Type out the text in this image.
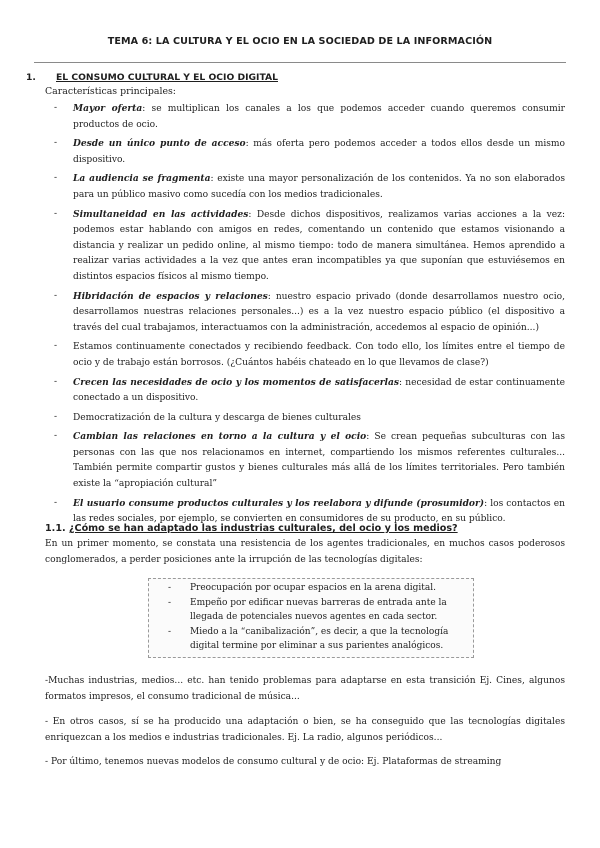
TEMA 6: LA CULTURA Y EL OCIO EN LA SOCIEDAD DE LA INFORMACIÓN
1. EL CONSUMO CULTURAL Y EL OCIO DIGITAL
Características principales:
- Mayor oferta: se multiplican los canales a los que podemos acceder cuando queremos consumir productos de ocio.
- Desde un único punto de acceso: más oferta pero podemos acceder a todos ellos desde un mismo dispositivo.
- La audiencia se fragmenta: existe una mayor personalización de los contenidos. Ya no son elaborados para un público masivo como sucedía con los medios tradicionales.
- Simultaneidad en las actividades: Desde dichos dispositivos, realizamos varias acciones a la vez: podemos estar hablando con amigos en redes, comentando un contenido que estamos visionando a distancia y realizar un pedido online, al mismo tiempo: todo de manera simultánea. Hemos aprendido a realizar varias actividades a la vez que antes eran incompatibles ya que suponían que estuviésemos en distintos espacios físicos al mismo tiempo.
- Hibridación de espacios y relaciones: nuestro espacio privado (donde desarrollamos nuestro ocio, desarrollamos nuestras relaciones personales...) es a la vez nuestro espacio público (el dispositivo a través del cual trabajamos, interactuamos con la administración, accedemos al espacio de opinión...)
- Estamos continuamente conectados y recibiendo feedback. Con todo ello, los límites entre el tiempo de ocio y de trabajo están borrosos. (¿Cuántos habéis chateado en lo que llevamos de clase?)
- Crecen las necesidades de ocio y los momentos de satisfacerlas: necesidad de estar continuamente conectado a un dispositivo.
- Democratización de la cultura y descarga de bienes culturales
- Cambian las relaciones en torno a la cultura y el ocio: Se crean pequeñas subculturas con las personas con las que nos relacionamos en internet, compartiendo los mismos referentes culturales... También permite compartir gustos y bienes culturales más allá de los límites territoriales. Pero también existe la “apropiación cultural”
- El usuario consume productos culturales y los reelabora y difunde (prosumidor): los contactos en las redes sociales, por ejemplo, se convierten en consumidores de su producto, en su público.
1.1. ¿Cómo se han adaptado las industrias culturales, del ocio y los medios?

En un primer momento, se constata una resistencia de los agentes tradicionales, en muchos casos poderosos conglomerados, a perder posiciones ante la irrupción de las tecnologías digitales:

- Preocupación por ocupar espacios en la arena digital.
- Empeño por edificar nuevas barreras de entrada ante la llegada de potenciales nuevos agentes en cada sector.
- Miedo a la “canibalización”, es decir, a que la tecnología digital termine por eliminar a sus parientes analógicos.

-Muchas industrias, medios... etc. han tenido problemas para adaptarse en esta transición Ej. Cines, algunos formatos impresos, el consumo tradicional de música...

- En otros casos, sí se ha producido una adaptación o bien, se ha conseguido que las tecnologías digitales enriquezcan a los medios e industrias tradicionales. Ej. La radio, algunos periódicos...

- Por último, tenemos nuevas modelos de consumo cultural y de ocio: Ej. Plataformas de streaming
